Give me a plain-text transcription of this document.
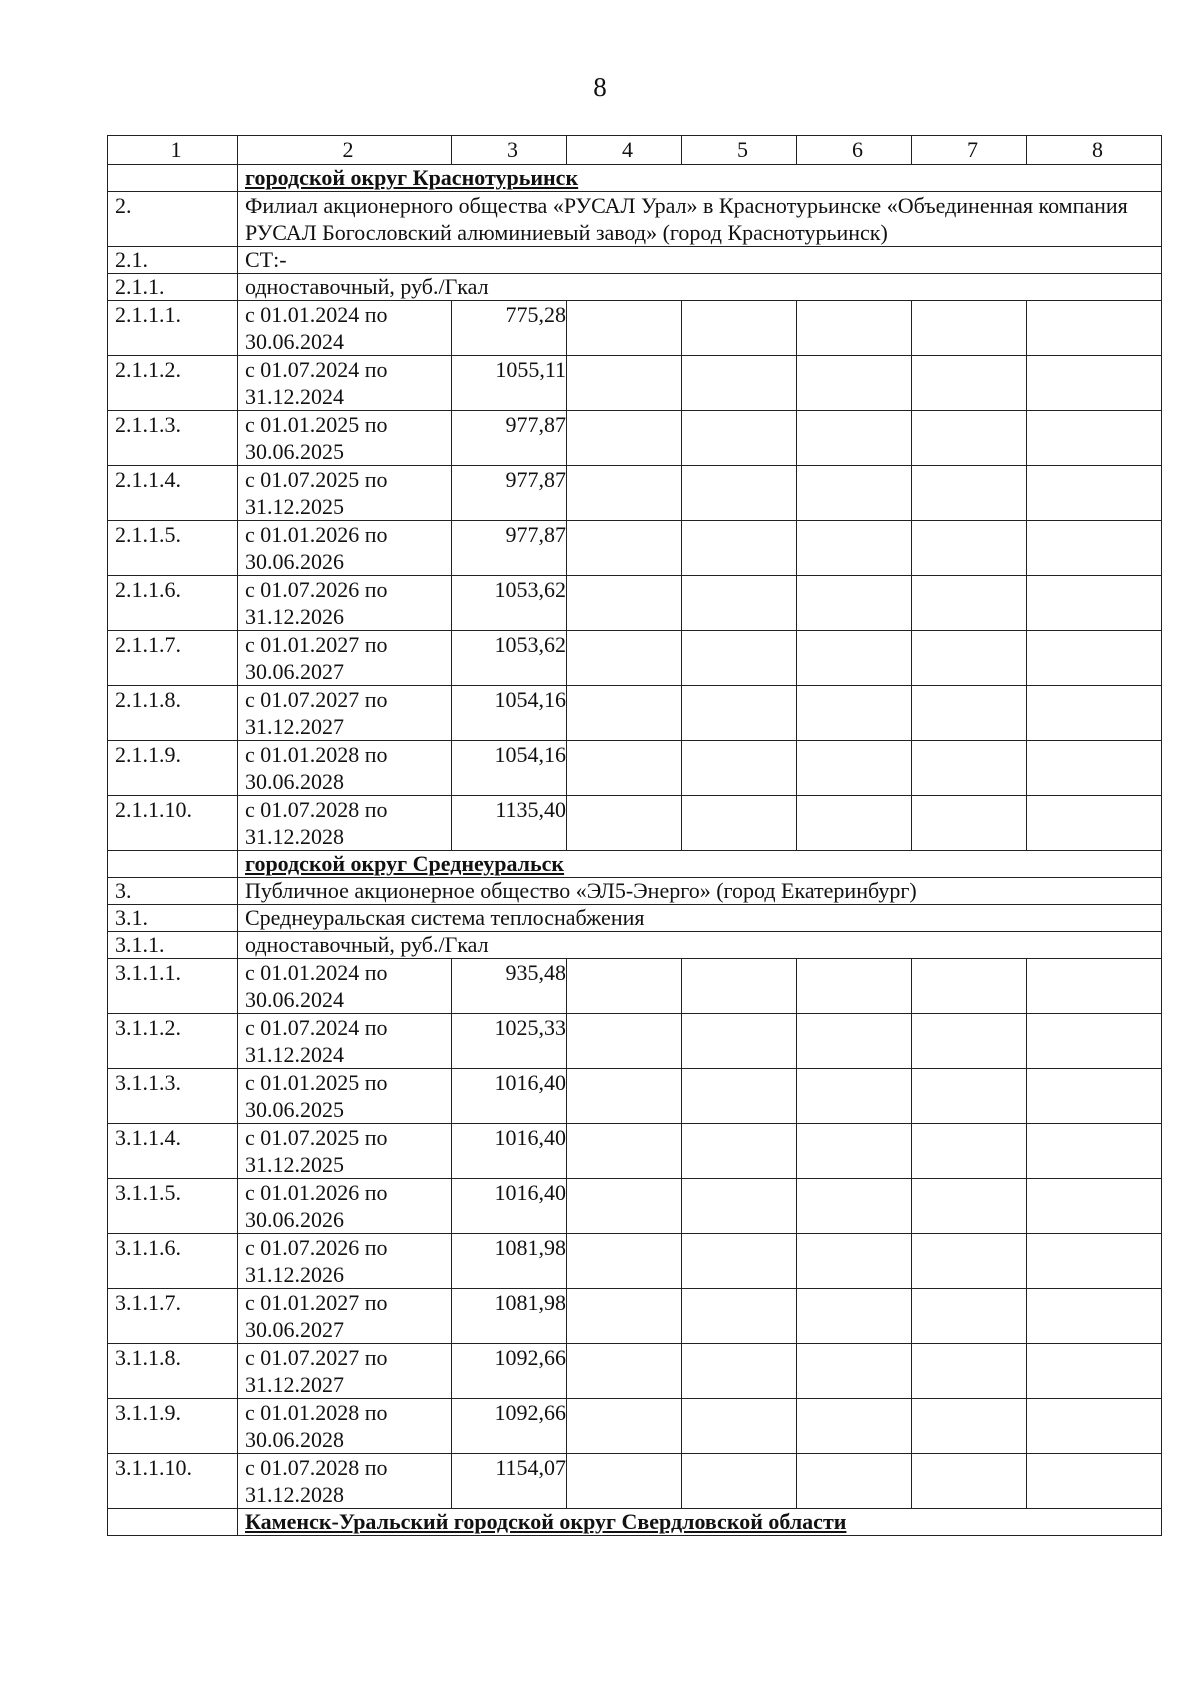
8
1	2	3	4	5	6	7	8
	городской округ Краснотурьинск						
2.	Филиал акционерного общества «РУСАЛ Урал» в Краснотурьинске «Объединенная компания РУСАЛ Богословский алюминиевый завод» (город Краснотурьинск)						
2.1.	СТ:-						
2.1.1.	одноставочный, руб./Гкал						
2.1.1.1.	с 01.01.2024 по 30.06.2024	775,28					
2.1.1.2.	с 01.07.2024 по 31.12.2024	1055,11					
2.1.1.3.	с 01.01.2025 по 30.06.2025	977,87					
2.1.1.4.	с 01.07.2025 по 31.12.2025	977,87					
2.1.1.5.	с 01.01.2026 по 30.06.2026	977,87					
2.1.1.6.	с 01.07.2026 по 31.12.2026	1053,62					
2.1.1.7.	с 01.01.2027 по 30.06.2027	1053,62					
2.1.1.8.	с 01.07.2027 по 31.12.2027	1054,16					
2.1.1.9.	с 01.01.2028 по 30.06.2028	1054,16					
2.1.1.10.	с 01.07.2028 по 31.12.2028	1135,40					
	городской округ Среднеуральск						
3.	Публичное акционерное общество «ЭЛ5-Энерго» (город Екатеринбург)						
3.1.	Среднеуральская система теплоснабжения						
3.1.1.	одноставочный, руб./Гкал						
3.1.1.1.	с 01.01.2024 по 30.06.2024	935,48					
3.1.1.2.	с 01.07.2024 по 31.12.2024	1025,33					
3.1.1.3.	с 01.01.2025 по 30.06.2025	1016,40					
3.1.1.4.	с 01.07.2025 по 31.12.2025	1016,40					
3.1.1.5.	с 01.01.2026 по 30.06.2026	1016,40					
3.1.1.6.	с 01.07.2026 по 31.12.2026	1081,98					
3.1.1.7.	с 01.01.2027 по 30.06.2027	1081,98					
3.1.1.8.	с 01.07.2027 по 31.12.2027	1092,66					
3.1.1.9.	с 01.01.2028 по 30.06.2028	1092,66					
3.1.1.10.	с 01.07.2028 по 31.12.2028	1154,07					
	Каменск-Уральский городской округ Свердловской области						
